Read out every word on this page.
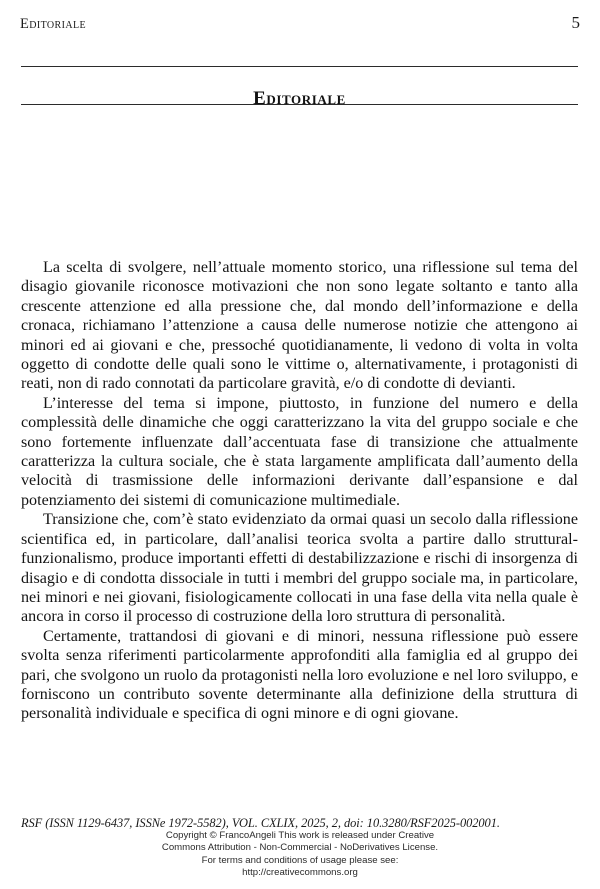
Editoriale	5
Editoriale

La scelta di svolgere, nell’attuale momento storico, una riflessione sul tema del disagio giovanile riconosce motivazioni che non sono legate soltanto e tanto alla crescente attenzione ed alla pressione che, dal mondo dell’informazione e della cronaca, richiamano l’attenzione a causa delle numerose notizie che attengono ai minori ed ai giovani e che, pressoché quotidianamente, li vedono di volta in volta oggetto di condotte delle quali sono le vittime o, alternativamente, i protagonisti di reati, non di rado connotati da particolare gravità, e/o di condotte di devianti.

L’interesse del tema si impone, piuttosto, in funzione del numero e della complessità delle dinamiche che oggi caratterizzano la vita del gruppo sociale e che sono fortemente influenzate dall’accentuata fase di transizione che attualmente caratterizza la cultura sociale, che è stata largamente amplificata dall’aumento della velocità di trasmissione delle informazioni derivante dall’espansione e dal potenziamento dei sistemi di comunicazione multimediale.

Transizione che, com’è stato evidenziato da ormai quasi un secolo dalla riflessione scientifica ed, in particolare, dall’analisi teorica svolta a partire dallo struttural-funzionalismo, produce importanti effetti di destabilizzazione e rischi di insorgenza di disagio e di condotta dissociale in tutti i membri del gruppo sociale ma, in particolare, nei minori e nei giovani, fisiologicamente collocati in una fase della vita nella quale è ancora in corso il processo di costruzione della loro struttura di personalità.

Certamente, trattandosi di giovani e di minori, nessuna riflessione può essere svolta senza riferimenti particolarmente approfonditi alla famiglia ed al gruppo dei pari, che svolgono un ruolo da protagonisti nella loro evoluzione e nel loro sviluppo, e forniscono un contributo sovente determinante alla definizione della struttura di personalità individuale e specifica di ogni minore e di ogni giovane.

RSF (ISSN 1129-6437, ISSNe 1972-5582), VOL. CXLIX, 2025, 2, doi: 10.3280/RSF2025-002001.
Copyright © FrancoAngeli This work is released under Creative
Commons Attribution - Non-Commercial - NoDerivatives License.
For terms and conditions of usage please see:
http://creativecommons.org
